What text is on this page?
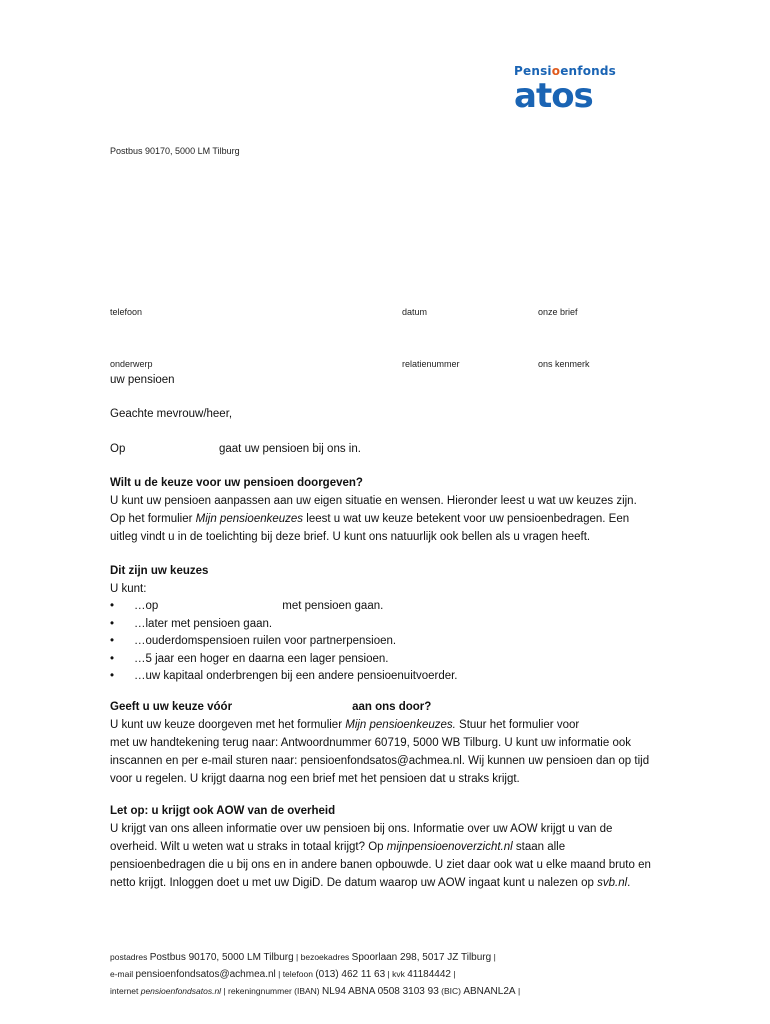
Pensioenfonds
atos
Postbus 90170, 5000 LM Tilburg
telefoon	datum	onze brief
onderwerp	relatienummer	ons kenmerk
uw pensioen
Geachte mevrouw/heer,
Op	gaat uw pensioen bij ons in.
Wilt u de keuze voor uw pensioen doorgeven?
U kunt uw pensioen aanpassen aan uw eigen situatie en wensen. Hieronder leest u wat uw keuzes zijn.
Op het formulier Mijn pensioenkeuzes leest u wat uw keuze betekent voor uw pensioenbedragen. Een
uitleg vindt u in de toelichting bij deze brief. U kunt ons natuurlijk ook bellen als u vragen heeft.
Dit zijn uw keuzes
U kunt:
• …op	met pensioen gaan.
• …later met pensioen gaan.
• …ouderdomspensioen ruilen voor partnerpensioen.
• …5 jaar een hoger en daarna een lager pensioen.
• …uw kapitaal onderbrengen bij een andere pensioenuitvoerder.
Geeft u uw keuze vóór	aan ons door?
U kunt uw keuze doorgeven met het formulier Mijn pensioenkeuzes. Stuur het formulier voor
met uw handtekening terug naar: Antwoordnummer 60719, 5000 WB Tilburg. U kunt uw informatie ook
inscannen en per e-mail sturen naar: pensioenfondsatos@achmea.nl. Wij kunnen uw pensioen dan op tijd
voor u regelen. U krijgt daarna nog een brief met het pensioen dat u straks krijgt.
Let op: u krijgt ook AOW van de overheid
U krijgt van ons alleen informatie over uw pensioen bij ons. Informatie over uw AOW krijgt u van de
overheid. Wilt u weten wat u straks in totaal krijgt? Op mijnpensioenoverzicht.nl staan alle
pensioenbedragen die u bij ons en in andere banen opbouwde. U ziet daar ook wat u elke maand bruto en
netto krijgt. Inloggen doet u met uw DigiD. De datum waarop uw AOW ingaat kunt u nalezen op svb.nl.
postadres Postbus 90170, 5000 LM Tilburg | bezoekadres Spoorlaan 298, 5017 JZ Tilburg |
e-mail pensioenfondsatos@achmea.nl | telefoon (013) 462 11 63 | kvk 41184442 |
internet pensioenfondsatos.nl | rekeningnummer (IBAN) NL94 ABNA 0508 3103 93 (BIC) ABNANL2A |
